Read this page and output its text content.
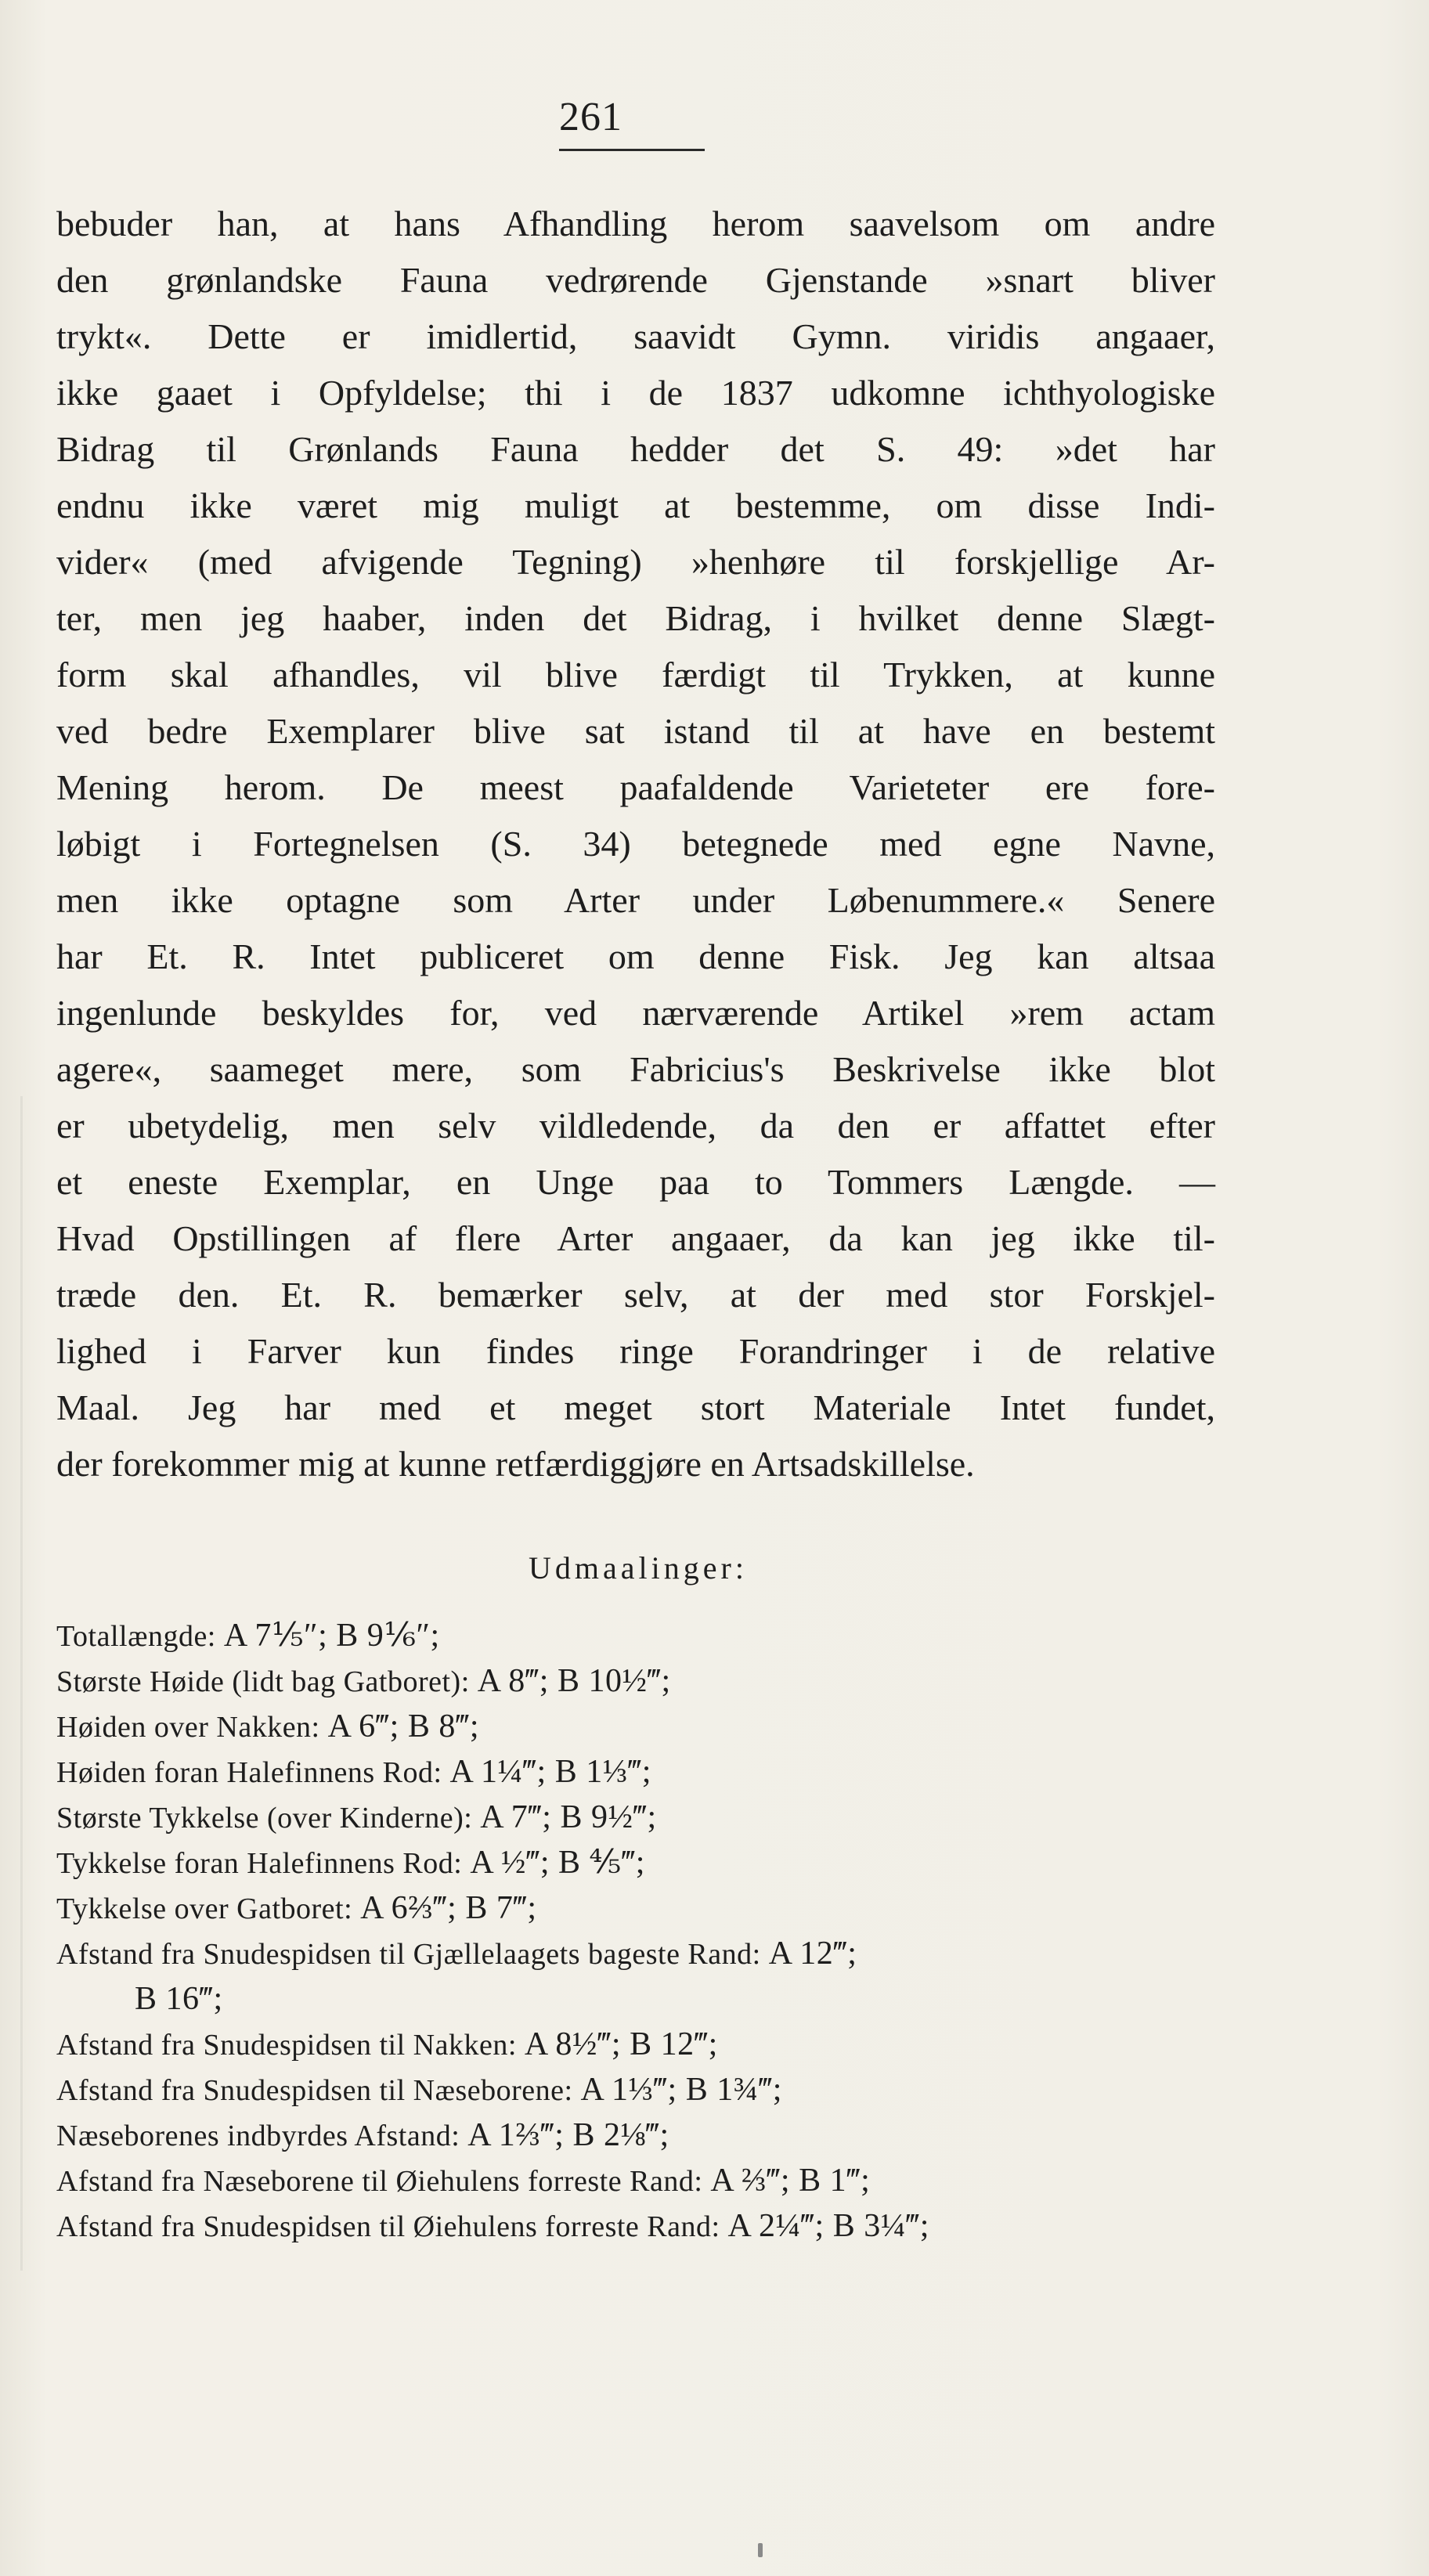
261
bebuder han, at hans Afhandling herom saavelsom om andre
den grønlandske Fauna vedrørende Gjenstande »snart bliver
trykt«. Dette er imidlertid, saavidt Gymn. viridis angaaer,
ikke gaaet i Opfyldelse; thi i de 1837 udkomne ichthyologiske
Bidrag til Grønlands Fauna hedder det S. 49: »det har
endnu ikke været mig muligt at bestemme, om disse Indi-
vider« (med afvigende Tegning) »henhøre til forskjellige Ar-
ter, men jeg haaber, inden det Bidrag, i hvilket denne Slægt-
form skal afhandles, vil blive færdigt til Trykken, at kunne
ved bedre Exemplarer blive sat istand til at have en bestemt
Mening herom. De meest paafaldende Varieteter ere fore-
løbigt i Fortegnelsen (S. 34) betegnede med egne Navne,
men ikke optagne som Arter under Løbenummere.« Senere
har Et. R. Intet publiceret om denne Fisk. Jeg kan altsaa
ingenlunde beskyldes for, ved nærværende Artikel »rem actam
agere«, saameget mere, som Fabricius's Beskrivelse ikke blot
er ubetydelig, men selv vildledende, da den er affattet efter
et eneste Exemplar, en Unge paa to Tommers Længde. —
Hvad Opstillingen af flere Arter angaaer, da kan jeg ikke til-
træde den. Et. R. bemærker selv, at der med stor Forskjel-
lighed i Farver kun findes ringe Forandringer i de relative
Maal. Jeg har med et meget stort Materiale Intet fundet,
der forekommer mig at kunne retfærdiggjøre en Artsadskillelse.
Udmaalinger:
Totallængde: A 7⅕″; B 9⅙″;
Største Høide (lidt bag Gatboret): A 8‴; B 10½‴;
Høiden over Nakken: A 6‴; B 8‴;
Høiden foran Halefinnens Rod: A 1¼‴; B 1⅓‴;
Største Tykkelse (over Kinderne): A 7‴; B 9½‴;
Tykkelse foran Halefinnens Rod: A ½‴; B ⅘‴;
Tykkelse over Gatboret: A 6⅔‴; B 7‴;
Afstand fra Snudespidsen til Gjællelaagets bageste Rand: A 12‴;
B 16‴;
Afstand fra Snudespidsen til Nakken: A 8½‴; B 12‴;
Afstand fra Snudespidsen til Næseborene: A 1⅓‴; B 1¾‴;
Næseborenes indbyrdes Afstand: A 1⅔‴; B 2⅛‴;
Afstand fra Næseborene til Øiehulens forreste Rand: A ⅔‴; B 1‴;
Afstand fra Snudespidsen til Øiehulens forreste Rand: A 2¼‴; B 3¼‴;
